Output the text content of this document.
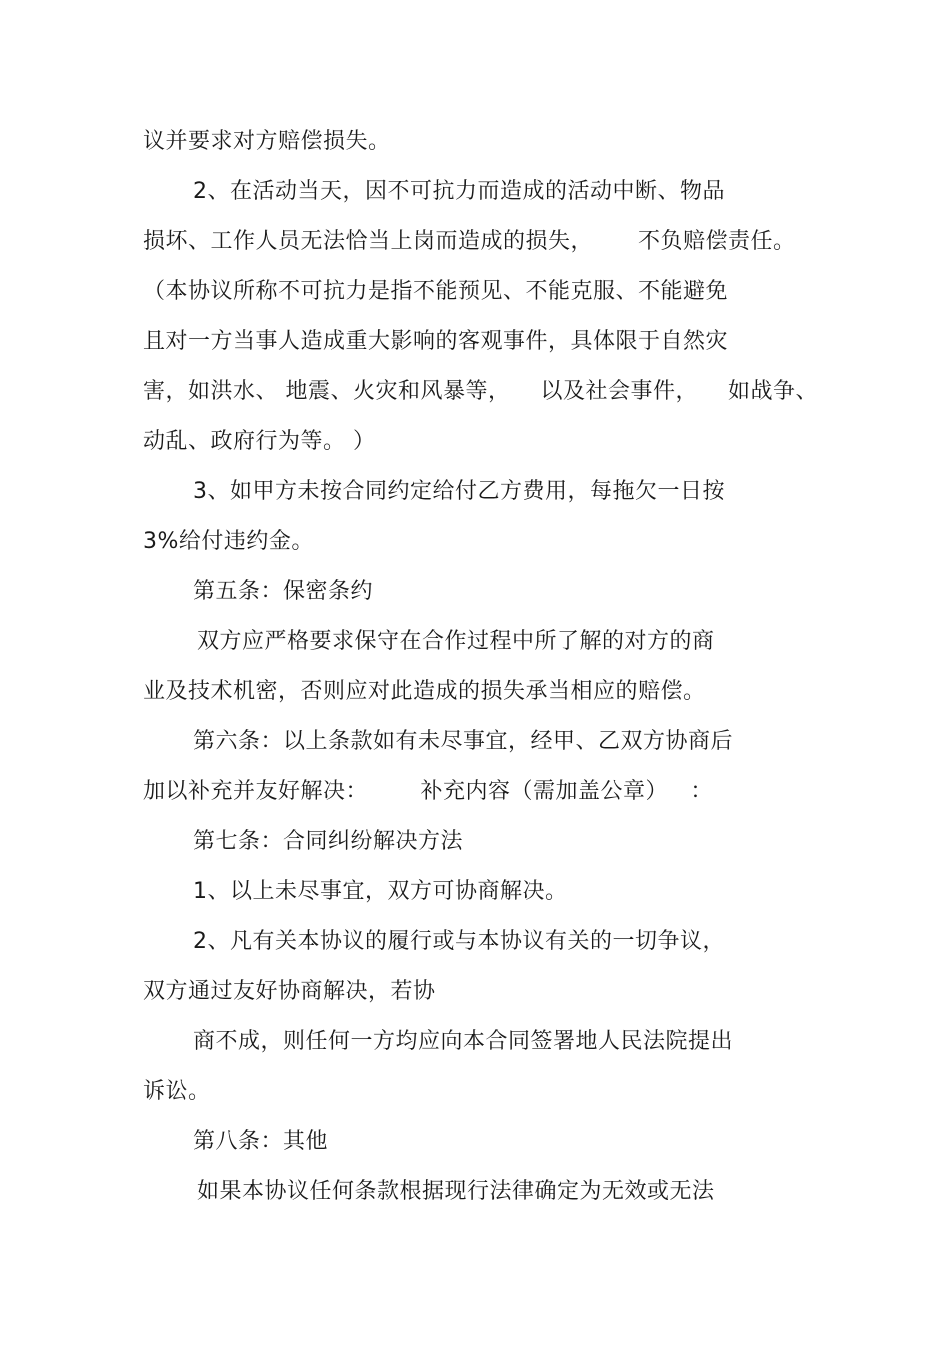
议并要求对方赔偿损失。
2、在活动当天，因不可抗力而造成的活动中断、物品
损坏、工作人员无法恰当上岗而造成的损失，      不负赔偿责任。
（本协议所称不可抗力是指不能预见、不能克服、不能避免
且对一方当事人造成重大影响的客观事件，具体限于自然灾
害，如洪水、 地震、火灾和风暴等，    以及社会事件，    如战争、
动乱、政府行为等。 ）
3、如甲方未按合同约定给付乙方费用，每拖欠一日按
3%给付违约金。
第五条：保密条约
双方应严格要求保守在合作过程中所了解的对方的商
业及技术机密，否则应对此造成的损失承当相应的赔偿。
第六条：以上条款如有未尽事宜，经甲、乙双方协商后
加以补充并友好解决：       补充内容（需加盖公章）   ：
第七条：合同纠纷解决方法
1、以上未尽事宜，双方可协商解决。
2、凡有关本协议的履行或与本协议有关的一切争议，
双方通过友好协商解决，若协
商不成，则任何一方均应向本合同签署地人民法院提出
诉讼。
第八条：其他
如果本协议任何条款根据现行法律确定为无效或无法
